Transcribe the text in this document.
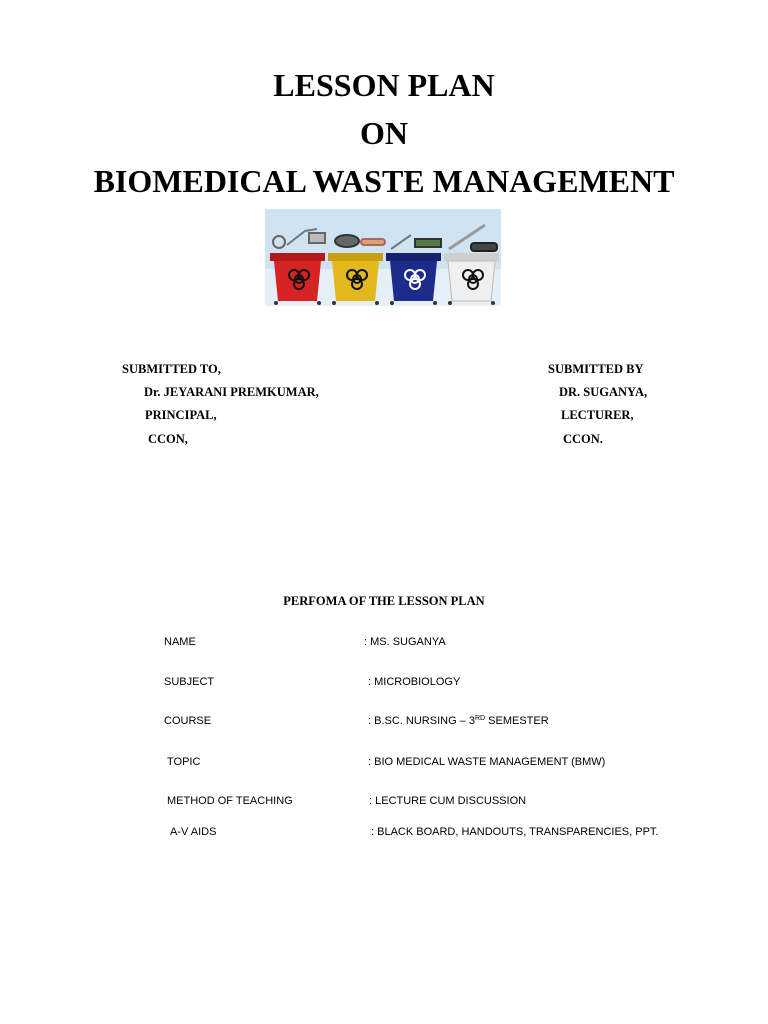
LESSON PLAN
ON
BIOMEDICAL WASTE MANAGEMENT
SUBMITTED TO,
Dr. JEYARANI PREMKUMAR,
PRINCIPAL,
CCON,
SUBMITTED BY
DR. SUGANYA,
LECTURER,
CCON.
PERFOMA OF THE LESSON PLAN
NAME	: MS. SUGANYA
SUBJECT	: MICROBIOLOGY
COURSE	: B.SC. NURSING – 3RD SEMESTER
TOPIC	: BIO MEDICAL WASTE MANAGEMENT (BMW)
METHOD OF TEACHING	: LECTURE CUM DISCUSSION
A-V AIDS	: BLACK BOARD, HANDOUTS, TRANSPARENCIES, PPT.
